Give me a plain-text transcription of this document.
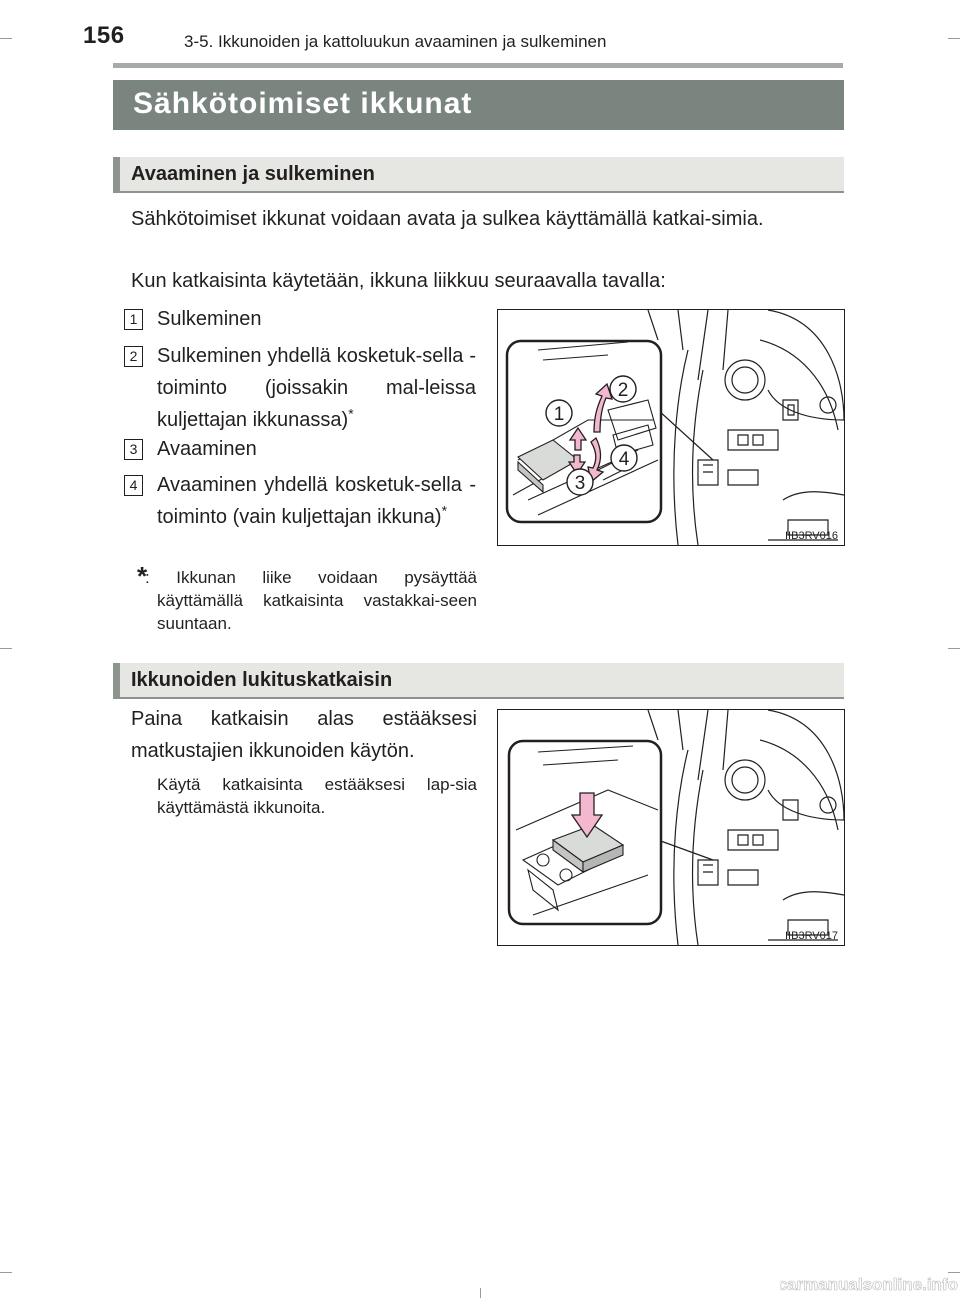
156	3-5. Ikkunoiden ja kattoluukun avaaminen ja sulkeminen
Sähkötoimiset ikkunat
Avaaminen ja sulkeminen
Sähkötoimiset ikkunat voidaan avata ja sulkea käyttämällä katkai-simia.
Kun katkaisinta käytetään, ikkuna liikkuu seuraavalla tavalla:
1 Sulkeminen
2 Sulkeminen yhdellä kosketuk-sella -toiminto (joissakin mal-leissa kuljettajan ikkunassa)*
3 Avaaminen
4 Avaaminen yhdellä kosketuk-sella -toiminto (vain kuljettajan ikkuna)*
*
: Ikkunan liike voidaan pysäyttää käyttämällä katkaisinta vastakkai-seen suuntaan.
1
2
3
4
IIB3RV016
Ikkunoiden lukituskatkaisin
Paina katkaisin alas estääksesi matkustajien ikkunoiden käytön.
Käytä katkaisinta estääksesi lap-sia käyttämästä ikkunoita.
IIB3RV017
carmanualsonline.info
